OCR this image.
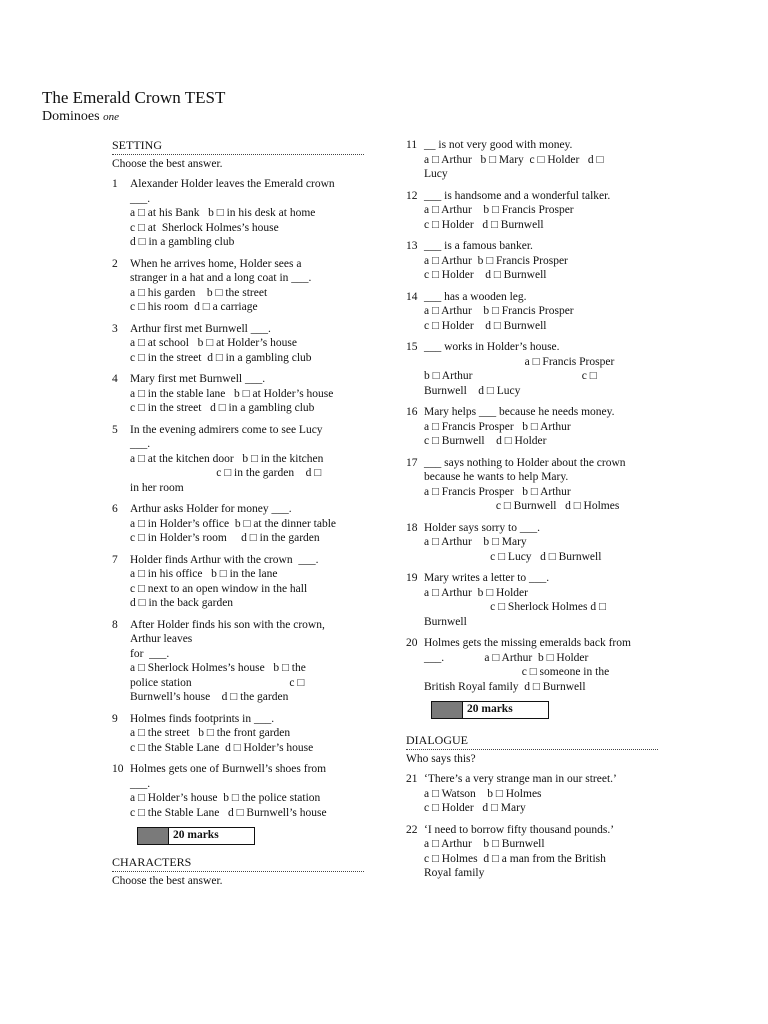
The Emerald Crown TEST
Dominoes one
SETTING
Choose the best answer.
1	Alexander Holder leaves the Emerald crown
___.
a □ at his Bank   b □ in his desk at home
c □ at  Sherlock Holmes’s house
d □ in a gambling club
2	When he arrives home, Holder sees a
stranger in a hat and a long coat in ___.
a □ his garden    b □ the street
c □ his room  d □ a carriage
3	Arthur first met Burnwell ___.
a □ at school   b □ at Holder’s house
c □ in the street  d □ in a gambling club
4	Mary first met Burnwell ___.
a □ in the stable lane   b □ at Holder’s house
c □ in the street   d □ in a gambling club
5	In the evening admirers come to see Lucy
___.
a □ at the kitchen door   b □ in the kitchen
c □ in the garden    d □
in her room
6	Arthur asks Holder for money ___.
a □ in Holder’s office  b □ at the dinner table
c □ in Holder’s room     d □ in the garden
7	Holder finds Arthur with the crown  ___.
a □ in his office   b □ in the lane
c □ next to an open window in the hall
d □ in the back garden
8	After Holder finds his son with the crown,
Arthur leaves
for  ___.
a □ Sherlock Holmes’s house   b □ the
police station                                  c □
Burnwell’s house    d □ the garden
9	Holmes finds footprints in ___.
a □ the street   b □ the front garden
c □ the Stable Lane  d □ Holder’s house
10 Holmes gets one of Burnwell’s shoes from
___.
a □ Holder’s house  b □ the police station
c □ the Stable Lane   d □ Burnwell’s house
20 marks
CHARACTERS
Choose the best answer.
11 __ is not very good with money.
a □ Arthur   b □ Mary  c □ Holder   d □
Lucy
12 ___ is handsome and a wonderful talker.
a □ Arthur    b □ Francis Prosper
c □ Holder   d □ Burnwell
13 ___ is a famous banker.
a □ Arthur  b □ Francis Prosper
c □ Holder    d □ Burnwell
14 ___ has a wooden leg.
a □ Arthur    b □ Francis Prosper
c □ Holder    d □ Burnwell
15 ___ works in Holder’s house.
a □ Francis Prosper
b □ Arthur                                      c □
Burnwell    d □ Lucy
16 Mary helps ___ because he needs money.
a □ Francis Prosper   b □ Arthur
c □ Burnwell    d □ Holder
17 ___ says nothing to Holder about the crown
because he wants to help Mary.
a □ Francis Prosper   b □ Arthur
c □ Burnwell   d □ Holmes
18 Holder says sorry to ___.
a □ Arthur    b □ Mary
c □ Lucy   d □ Burnwell
19 Mary writes a letter to ___.
a □ Arthur  b □ Holder
c □ Sherlock Holmes d □
Burnwell
20 Holmes gets the missing emeralds back from
___.              a □ Arthur  b □ Holder
c □ someone in the
British Royal family  d □ Burnwell
20 marks
DIALOGUE
Who says this?
21 ‘There’s a very strange man in our street.’
a □ Watson    b □ Holmes
c □ Holder   d □ Mary
22 ‘I need to borrow fifty thousand pounds.’
a □ Arthur    b □ Burnwell
c □ Holmes  d □ a man from the British
Royal family
